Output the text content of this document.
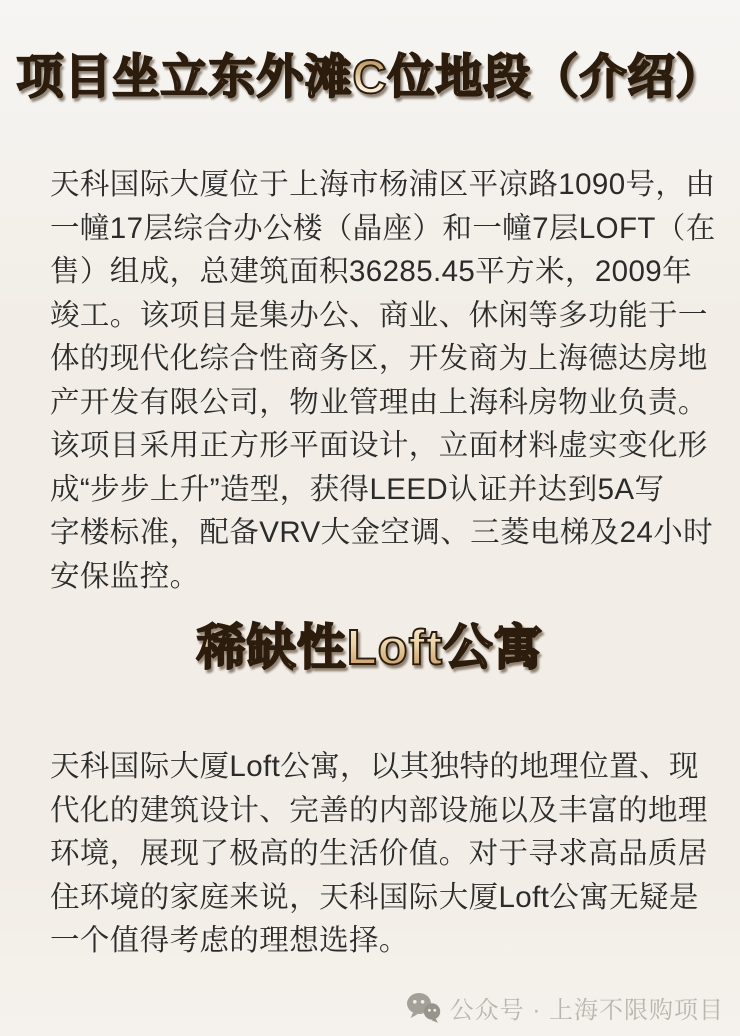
项目坐立东外滩C位地段（介绍）
天科国际大厦位于上海市杨浦区平凉路1090号，由
一幢17层综合办公楼（晶座）和一幢7层LOFT（在
售）组成，总建筑面积36285.45平方米，2009年
竣工。该项目是集办公、商业、休闲等多功能于一
体的现代化综合性商务区，开发商为上海德达房地
产开发有限公司，物业管理由上海科房物业负责。
该项目采用正方形平面设计，立面材料虚实变化形
成“步步上升”造型，获得LEED认证并达到5A写
字楼标准，配备VRV大金空调、三菱电梯及24小时
安保监控。
稀缺性Loft公寓
天科国际大厦Loft公寓，以其独特的地理位置、现
代化的建筑设计、完善的内部设施以及丰富的地理
环境，展现了极高的生活价值。对于寻求高品质居
住环境的家庭来说，天科国际大厦Loft公寓无疑是
一个值得考虑的理想选择。
公众号 · 上海不限购项目
